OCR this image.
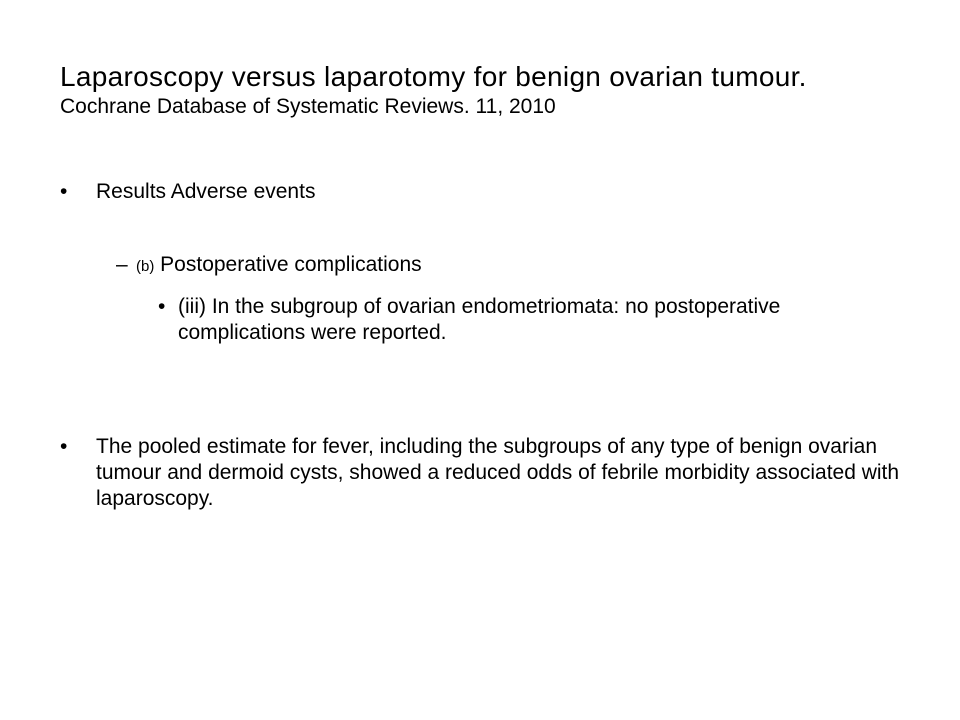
Laparoscopy versus laparotomy for benign ovarian tumour.
Cochrane Database of Systematic Reviews. 11, 2010
• Results Adverse events
– (b) Postoperative complications
• (iii) In the subgroup of ovarian endometriomata: no postoperative complications were reported.
• The pooled estimate for fever, including the subgroups of any type of benign ovarian tumour and dermoid cysts, showed a reduced odds of febrile morbidity associated with laparoscopy.
